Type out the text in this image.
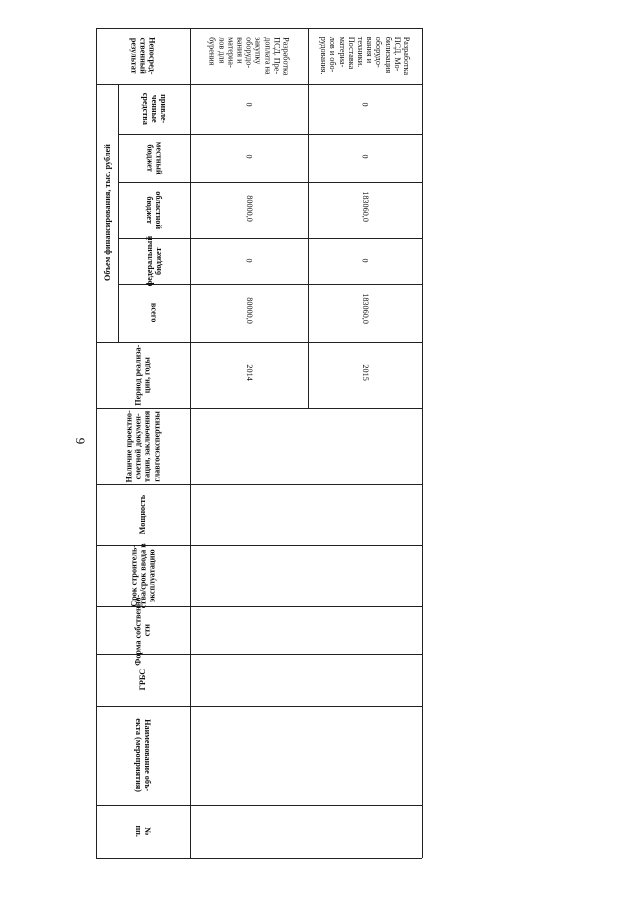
9
Непосред-
ственный
результат
Объем финансирования, тыс. рублей
привле-
ченные
средства
местный
бюджет
областной
бюджет
федеральный
бюджет
всего
Период реализа-
ции, годы
Наличие проектно-
сметной докумен-
тации, заключения
главгосэкспертизы
Мощность
Срок строитель-
ства/срок ввода в
эксплуатацию
Форма собственно-
сти
ГРБС
Наименование объ-
екта (мероприятия)
№
пп.
Разработка
ПСД. Пре-
доплата на
закупку
оборудо-
вания и
материа-
лов для
бурения
0
0
80000,0
0
80000,0
2014
Разработка
ПСД. Мо-
билизация
оборудо-
вания и
техники.
Поставка
материа-
лов и обо-
рудования.
0
0
183060,0
0
183060,0
2015
